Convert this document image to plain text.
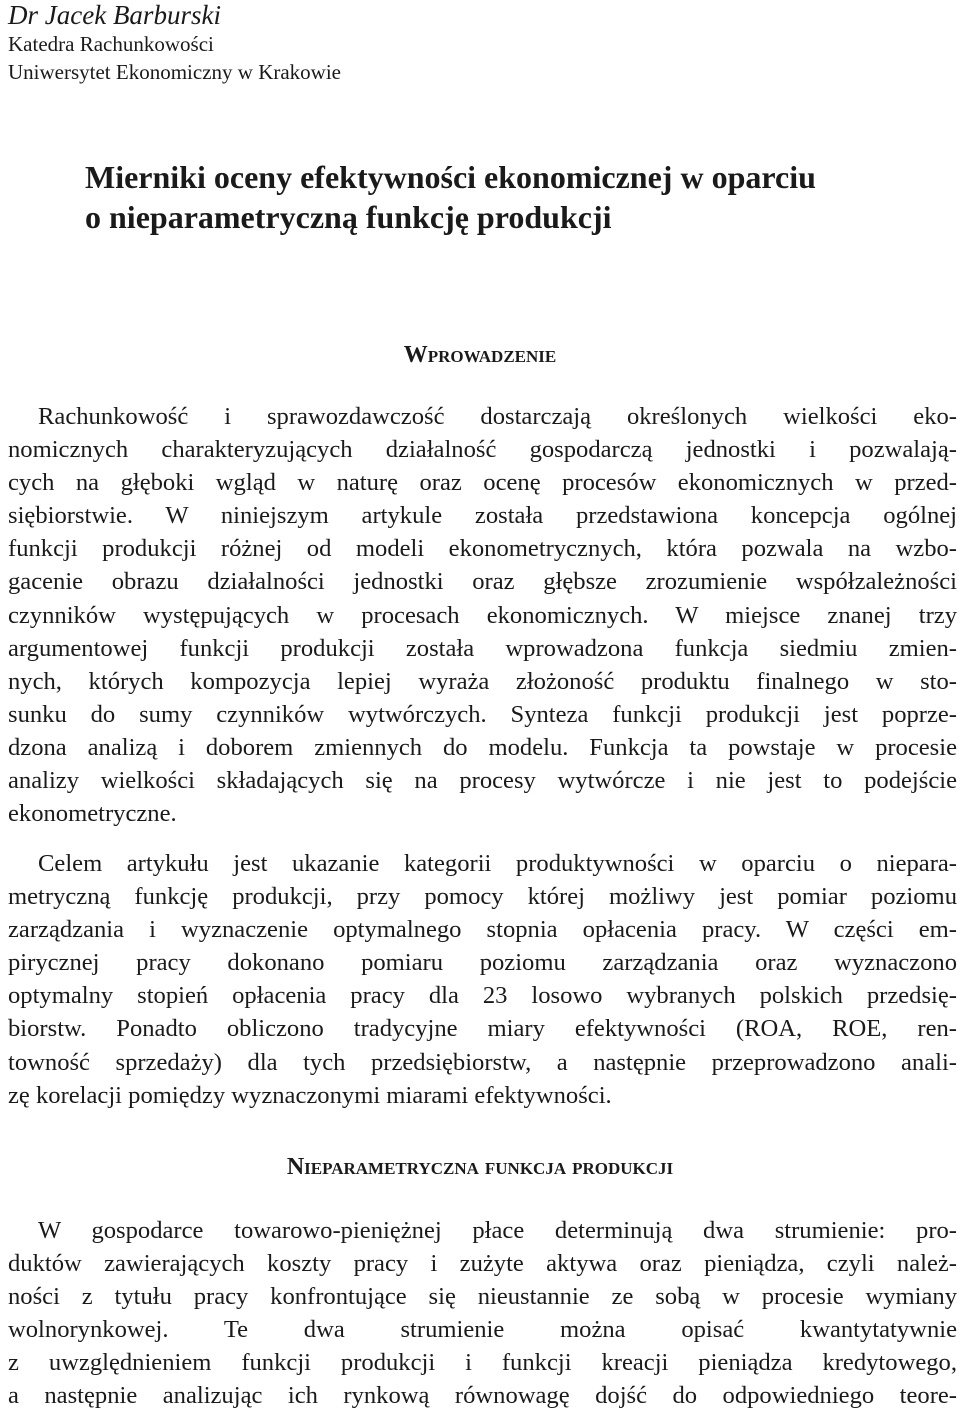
Dr Jacek Barburski

Katedra Rachunkowości

Uniwersytet Ekonomiczny w Krakowie

Mierniki oceny efektywności ekonomicznej w oparciu
o nieparametryczną funkcję produkcji
Wprowadzenie
Rachunkowość i sprawozdawczość dostarczają określonych wielkości eko-
nomicznych charakteryzujących działalność gospodarczą jednostki i pozwalają-
cych na głęboki wgląd w naturę oraz ocenę procesów ekonomicznych w przed-
siębiorstwie. W niniejszym artykule została przedstawiona koncepcja ogólnej
funkcji produkcji różnej od modeli ekonometrycznych, która pozwala na wzbo-
gacenie obrazu działalności jednostki oraz głębsze zrozumienie współzależności
czynników występujących w procesach ekonomicznych. W miejsce znanej trzy
argumentowej funkcji produkcji została wprowadzona funkcja siedmiu zmien-
nych, których kompozycja lepiej wyraża złożoność produktu finalnego w sto-
sunku do sumy czynników wytwórczych. Synteza funkcji produkcji jest poprze-
dzona analizą i doborem zmiennych do modelu. Funkcja ta powstaje w procesie
analizy wielkości składających się na procesy wytwórcze i nie jest to podejście
ekonometryczne.
Celem artykułu jest ukazanie kategorii produktywności w oparciu o niepara-
metryczną funkcję produkcji, przy pomocy której możliwy jest pomiar poziomu
zarządzania i wyznaczenie optymalnego stopnia opłacenia pracy. W części em-
pirycznej pracy dokonano pomiaru poziomu zarządzania oraz wyznaczono
optymalny stopień opłacenia pracy dla 23 losowo wybranych polskich przedsię-
biorstw. Ponadto obliczono tradycyjne miary efektywności (ROA, ROE, ren-
towność sprzedaży) dla tych przedsiębiorstw, a następnie przeprowadzono anali-
zę korelacji pomiędzy wyznaczonymi miarami efektywności.
Nieparametryczna funkcja produkcji
W gospodarce towarowo-pieniężnej płace determinują dwa strumienie: pro-
duktów zawierających koszty pracy i zużyte aktywa oraz pieniądza, czyli należ-
ności z tytułu pracy konfrontujące się nieustannie ze sobą w procesie wymiany
wolnorynkowej. Te dwa strumienie można opisać kwantytatywnie
z uwzględnieniem funkcji produkcji i funkcji kreacji pieniądza kredytowego,
a następnie analizując ich rynkową równowagę dojść do odpowiedniego teore-
